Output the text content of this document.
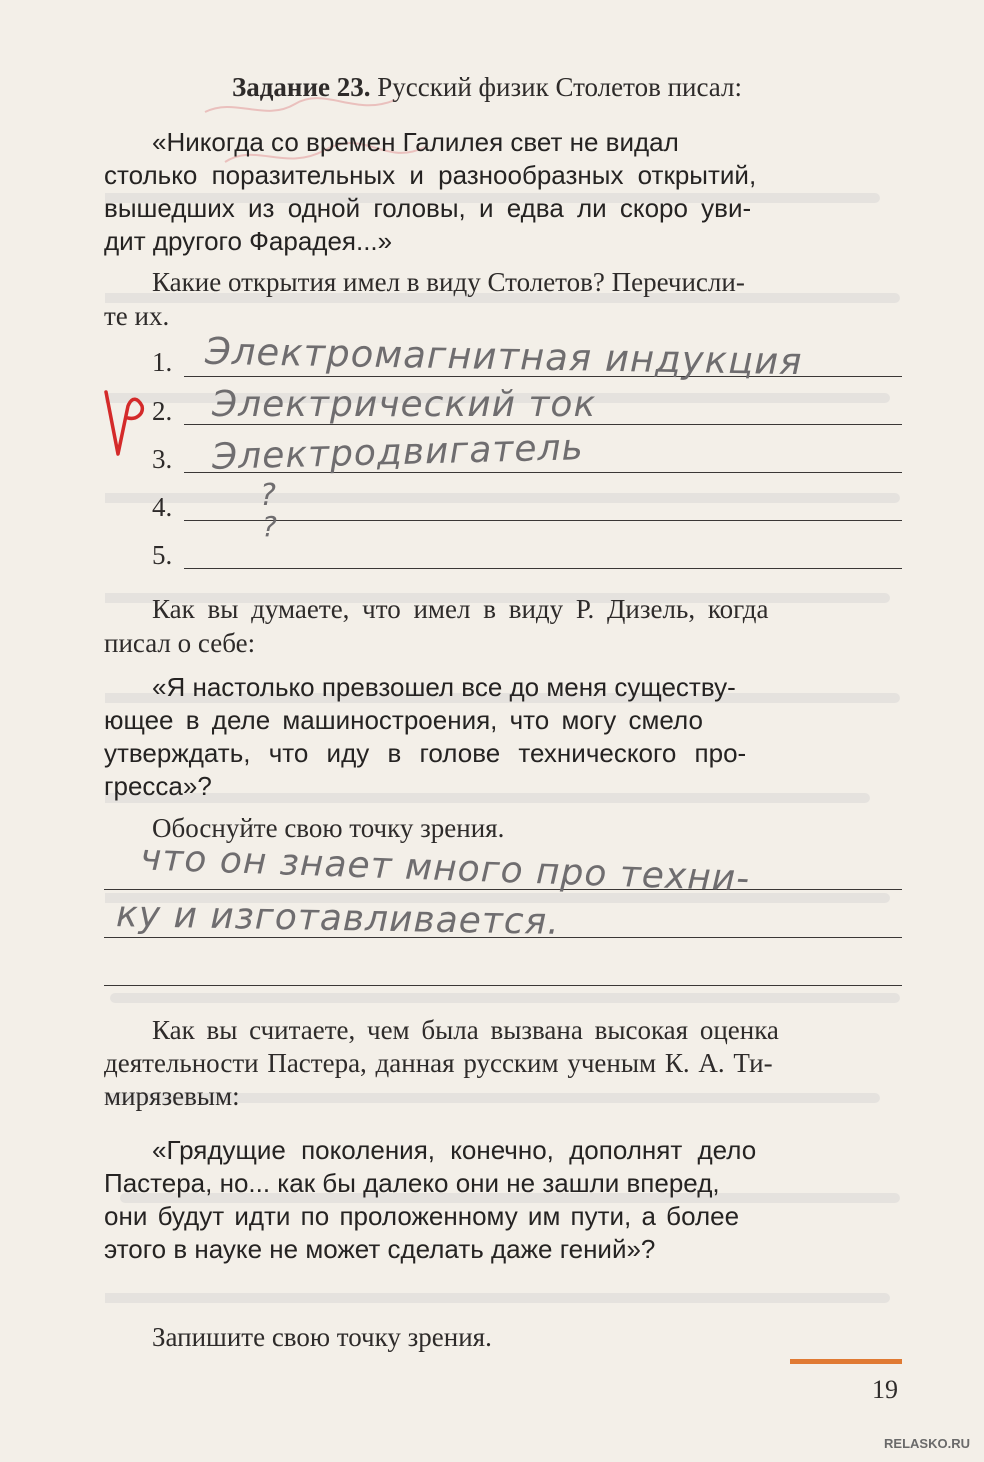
Задание 23. Русский физик Столетов писал:
«Никогда со времен Галилея свет не видал
столько поразительных и разнообразных открытий,
вышедших из одной головы, и едва ли скоро уви-
дит другого Фарадея...»
Какие открытия имел в виду Столетов? Перечисли-
те их.
1.
2.
3.
4.
5.
Электромагнитная индукция
Электрический ток
Электродвигатель
?
?
Как вы думаете, что имел в виду Р. Дизель, когда
писал о себе:
«Я настолько превзошел все до меня существу-
ющее в деле машиностроения, что могу смело
утверждать, что иду в голове технического про-
гресса»?
Обоснуйте свою точку зрения.
что он знает много про техни-
ку и изготавливается.
Как вы считаете, чем была вызвана высокая оценка
деятельности Пастера, данная русским ученым К. А. Ти-
мирязевым:
«Грядущие поколения, конечно, дополнят дело
Пастера, но... как бы далеко они не зашли вперед,
они будут идти по проложенному им пути, а более
этого в науке не может сделать даже гений»?
Запишите свою точку зрения.
19
RELASKO.RU
